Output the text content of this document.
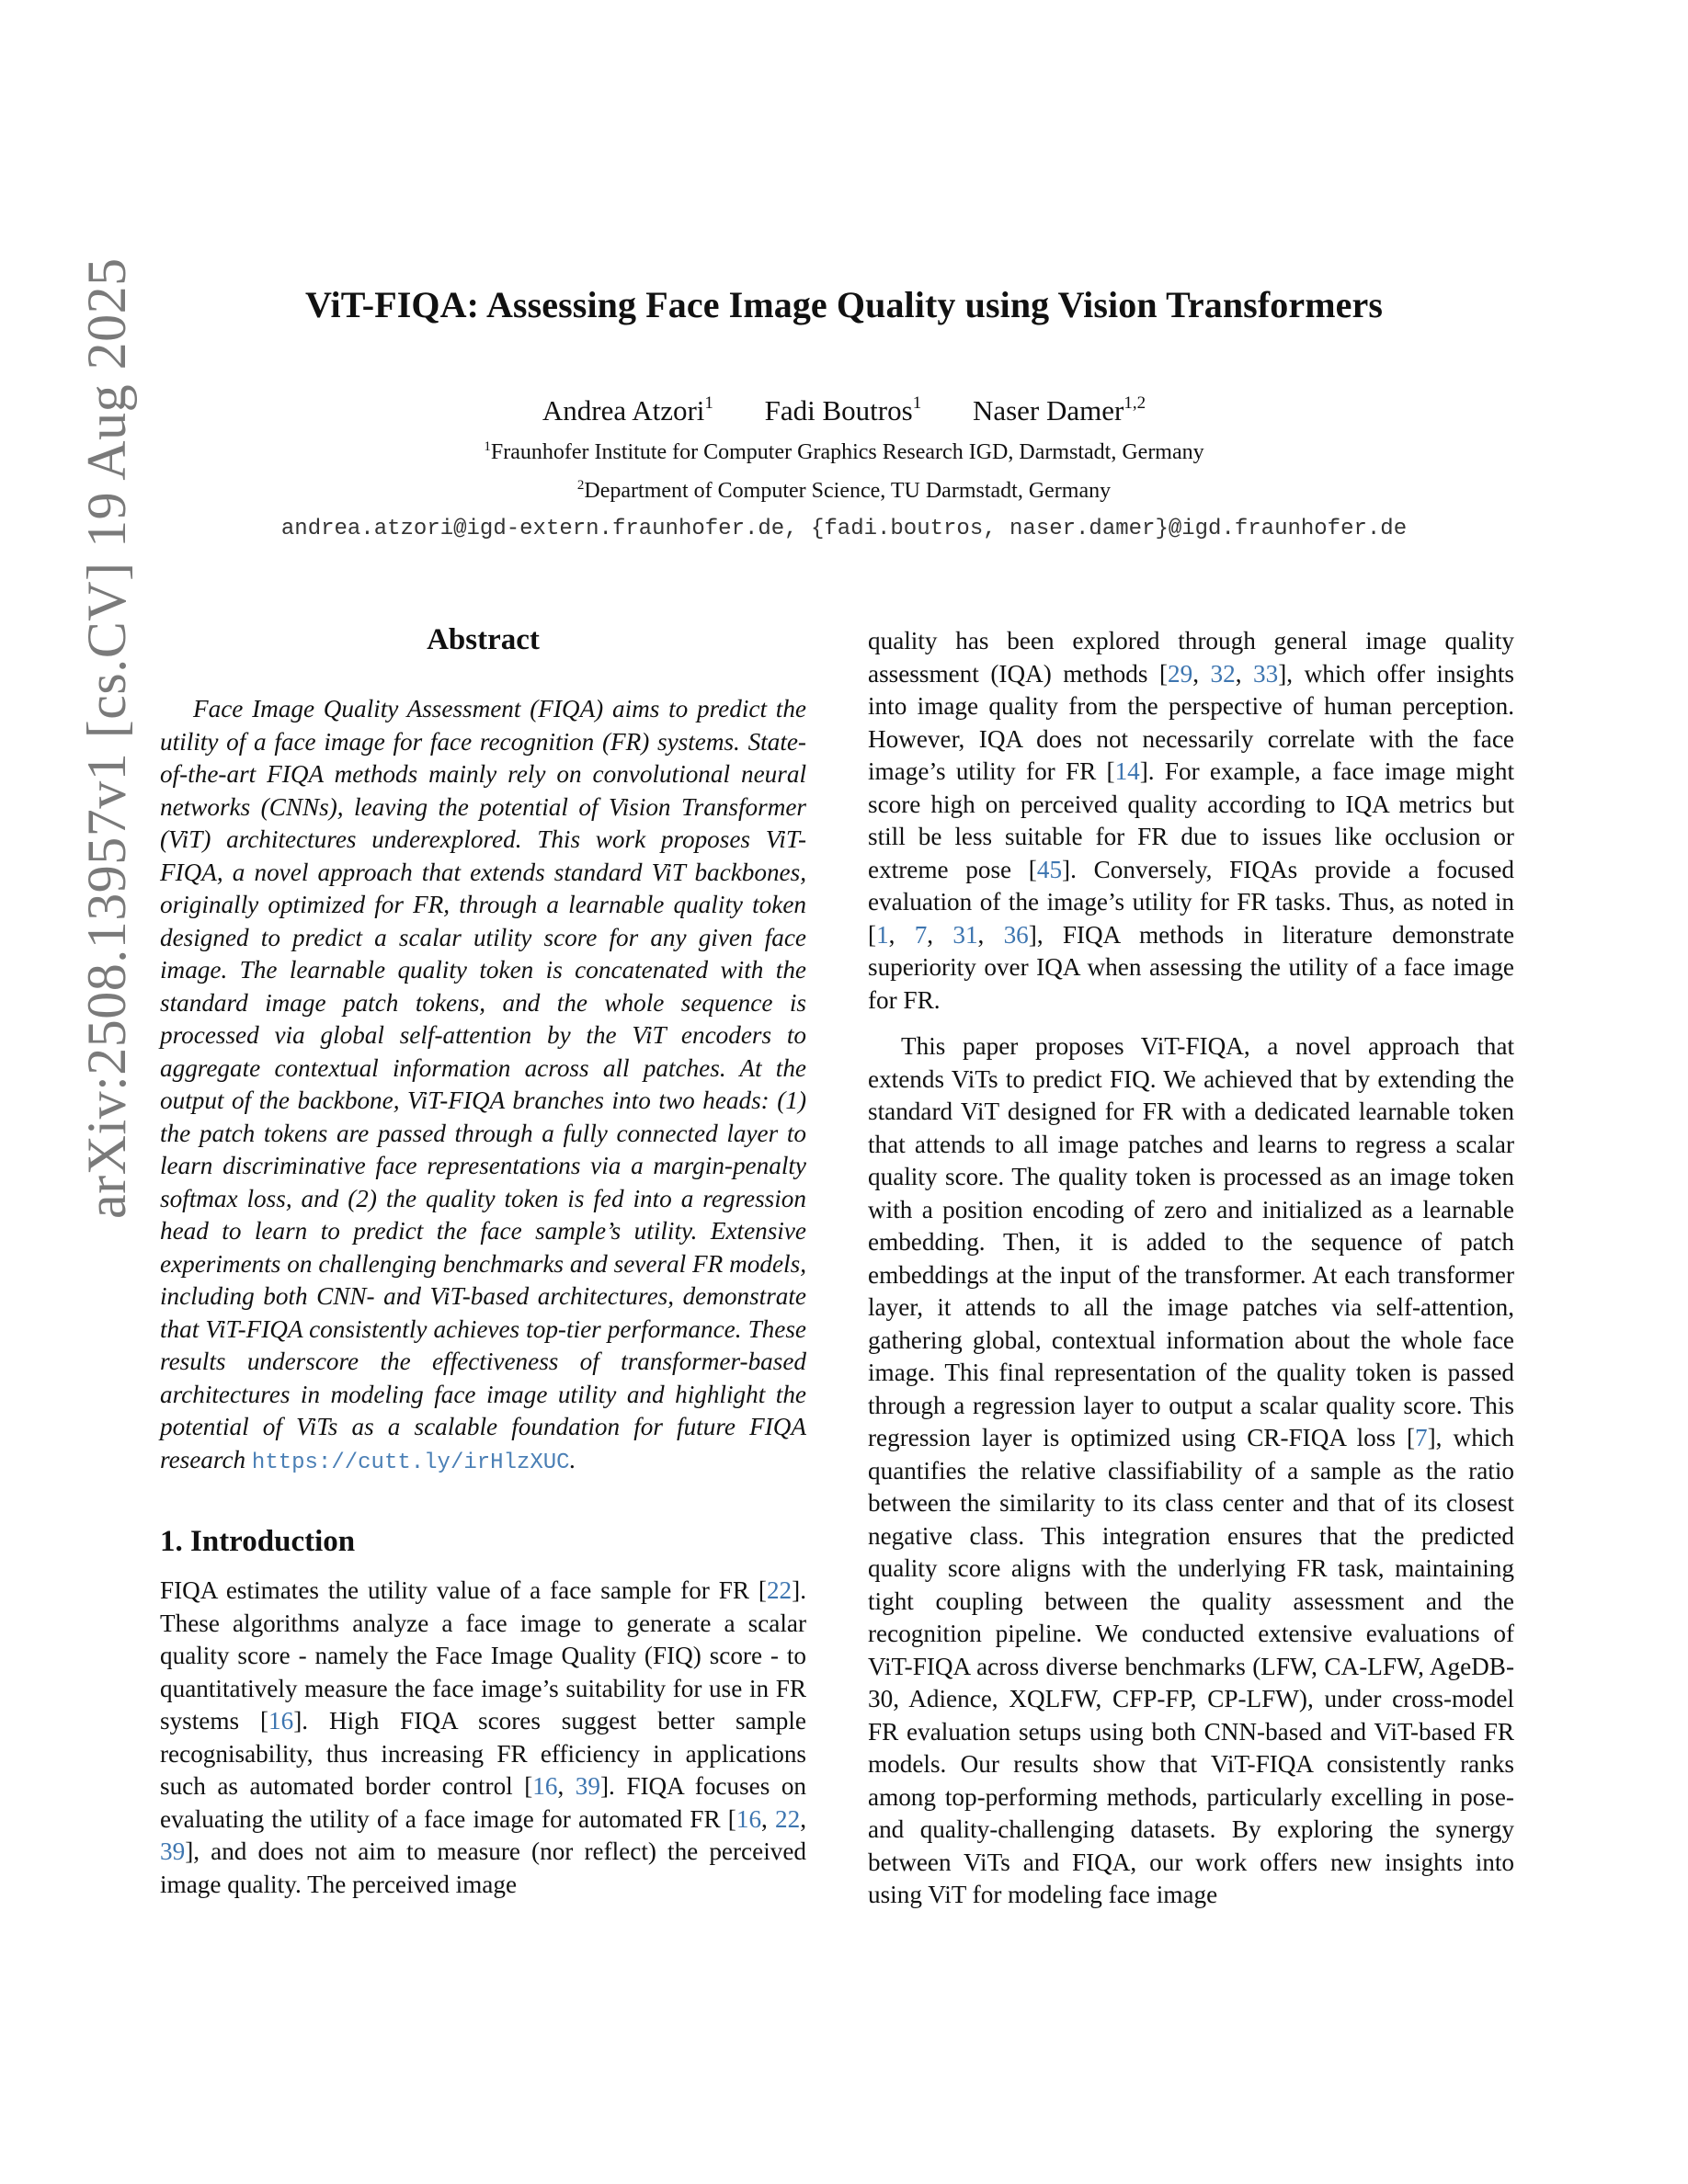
ViT-FIQA: Assessing Face Image Quality using Vision Transformers
Andrea Atzori$^1$ Fadi Boutros$^1$ Naser Damer$^{1,2}$
$^1$Fraunhofer Institute for Computer Graphics Research IGD, Darmstadt, Germany
$^2$Department of Computer Science, TU Darmstadt, Germany
andrea.atzori@igd-extern.fraunhofer.de, {fadi.boutros, naser.damer}@igd.fraunhofer.de
arXiv:2508.13957v1 [cs.CV] 19 Aug 2025	Abstract

Face Image Quality Assessment (FIQA) aims to predict the utility of a face image for face recognition (FR) systems. State-of-the-art FIQA methods mainly rely on convolutional neural networks (CNNs), leaving the potential of Vision Transformer (ViT) architectures underexplored. This work proposes ViT-FIQA, a novel approach that extends standard ViT backbones, originally optimized for FR, through a learnable quality token designed to predict a scalar utility score for any given face image. The learnable quality token is concatenated with the standard image patch tokens, and the whole sequence is processed via global self-attention by the ViT encoders to aggregate contextual information across all patches. At the output of the backbone, ViT-FIQA branches into two heads: (1) the patch tokens are passed through a fully connected layer to learn discriminative face representations via a margin-penalty softmax loss, and (2) the quality token is fed into a regression head to learn to predict the face sample’s utility. Extensive experiments on challenging benchmarks and several FR models, including both CNN- and ViT-based architectures, demonstrate that ViT-FIQA consistently achieves top-tier performance. These results underscore the effectiveness of transformer-based architectures in modeling face image utility and highlight the potential of ViTs as a scalable foundation for future FIQA research https://cutt.ly/irHlzXUC.

1. Introduction

FIQA estimates the utility value of a face sample for FR [22]. These algorithms analyze a face image to generate a scalar quality score - namely the Face Image Quality (FIQ) score - to quantitatively measure the face image’s suitability for use in FR systems [16]. High FIQA scores suggest better sample recognisability, thus increasing FR efficiency in applications such as automated border control [16, 39]. FIQA focuses on evaluating the utility of a face image for automated FR [16, 22, 39], and does not aim to measure (nor reflect) the perceived image quality. The perceived image

quality has been explored through general image quality assessment (IQA) methods [29, 32, 33], which offer insights into image quality from the perspective of human perception. However, IQA does not necessarily correlate with the face image’s utility for FR [14]. For example, a face image might score high on perceived quality according to IQA metrics but still be less suitable for FR due to issues like occlusion or extreme pose [45]. Conversely, FIQAs provide a focused evaluation of the image’s utility for FR tasks. Thus, as noted in [1, 7, 31, 36], FIQA methods in literature demonstrate superiority over IQA when assessing the utility of a face image for FR.

This paper proposes ViT-FIQA, a novel approach that extends ViTs to predict FIQ. We achieved that by extending the standard ViT designed for FR with a dedicated learnable token that attends to all image patches and learns to regress a scalar quality score. The quality token is processed as an image token with a position encoding of zero and initialized as a learnable embedding. Then, it is added to the sequence of patch embeddings at the input of the transformer. At each transformer layer, it attends to all the image patches via self-attention, gathering global, contextual information about the whole face image. This final representation of the quality token is passed through a regression layer to output a scalar quality score. This regression layer is optimized using CR-FIQA loss [7], which quantifies the relative classifiability of a sample as the ratio between the similarity to its class center and that of its closest negative class. This integration ensures that the predicted quality score aligns with the underlying FR task, maintaining tight coupling between the quality assessment and the recognition pipeline. We conducted extensive evaluations of ViT-FIQA across diverse benchmarks (LFW, CA-LFW, AgeDB-30, Adience, XQLFW, CFP-FP, CP-LFW), under cross-model FR evaluation setups using both CNN-based and ViT-based FR models. Our results show that ViT-FIQA consistently ranks among top-performing methods, particularly excelling in pose- and quality-challenging datasets. By exploring the synergy between ViTs and FIQA, our work offers new insights into using ViT for modeling face image
